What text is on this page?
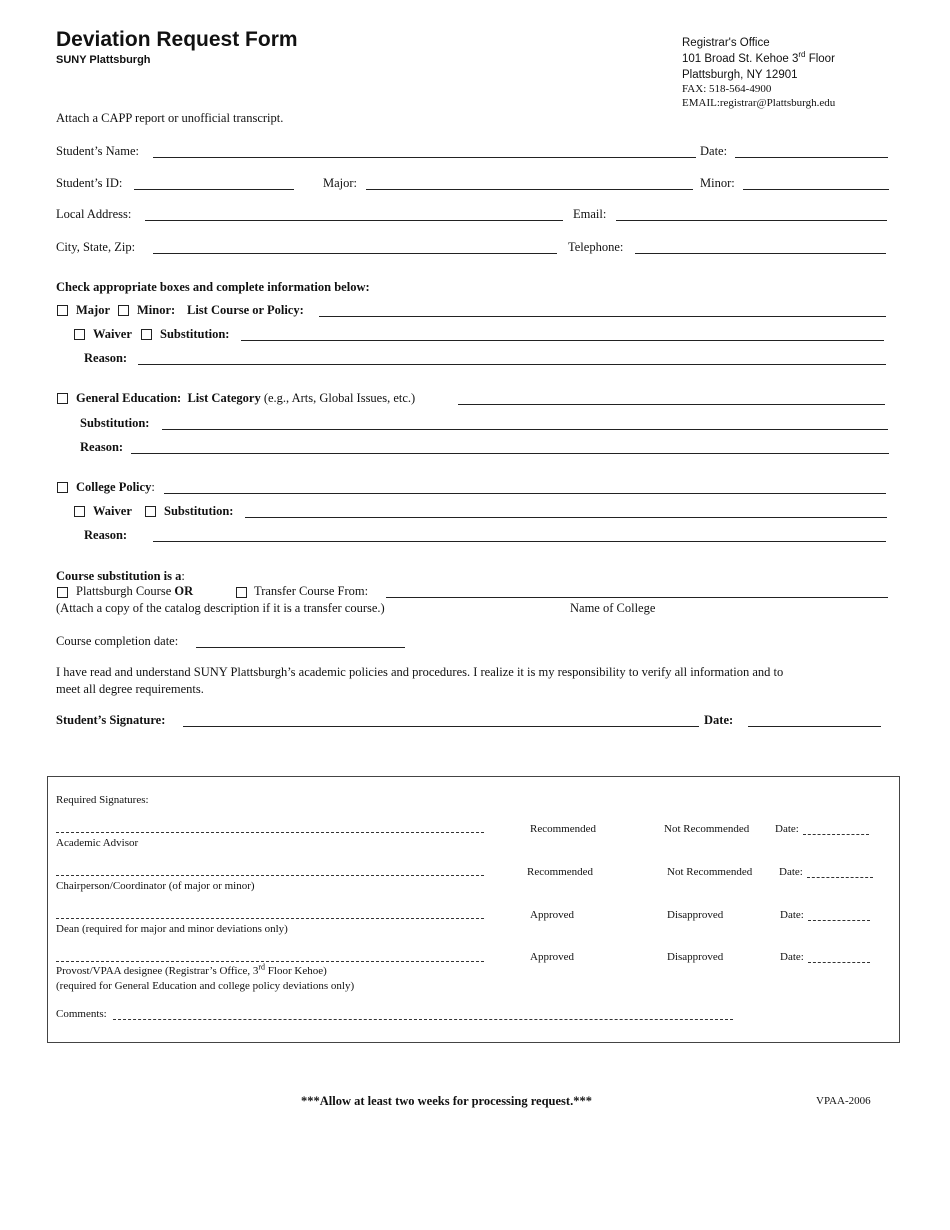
Deviation Request Form
SUNY Plattsburgh
Registrar's Office
101 Broad St. Kehoe 3rd Floor
Plattsburgh, NY 12901
FAX: 518-564-4900
EMAIL:registrar@Plattsburgh.edu
Attach a CAPP report or unofficial transcript.
Student’s Name:	Date:
Student’s ID:	Major:	Minor:
Local Address:	Email:
City, State, Zip:	Telephone:
Check appropriate boxes and complete information below:
Major Minor: List Course or Policy:
Waiver Substitution:
Reason:
General Education: List Category (e.g., Arts, Global Issues, etc.)
Substitution:
Reason:
College Policy:
Waiver	Substitution:
Reason:
Course substitution is a:
Plattsburgh Course OR	Transfer Course From:
(Attach a copy of the catalog description if it is a transfer course.)	Name of College
Course completion date:
I have read and understand SUNY Plattsburgh’s academic policies and procedures. I realize it is my responsibility to verify all information and to
meet all degree requirements.
Student’s Signature:	Date:
Required Signatures:
Academic Advisor
Recommended	Not Recommended Date:
Chairperson/Coordinator (of major or minor)
Recommended	Not Recommended Date:
Dean (required for major and minor deviations only)
Approved	Disapproved	Date:
Provost/VPAA designee (Registrar’s Office, 3rd Floor Kehoe)
(required for General Education and college policy deviations only)
Approved	Disapproved	Date:
Comments:
***Allow at least two weeks for processing request.***	VPAA-2006
